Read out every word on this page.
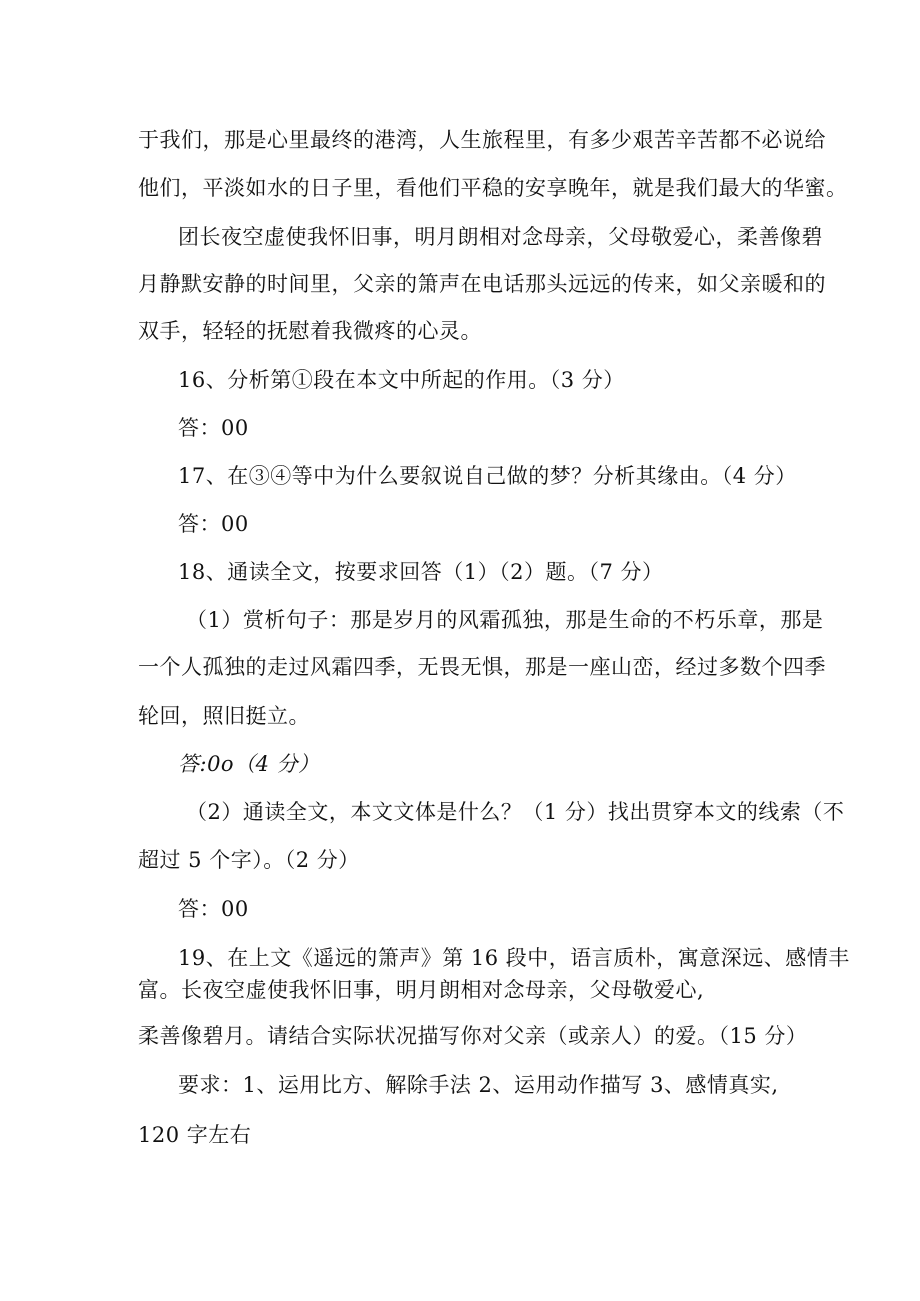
于我们，那是心里最终的港湾，人生旅程里，有多少艰苦辛苦都不必说给
他们，平淡如水的日子里，看他们平稳的安享晚年，就是我们最大的华蜜。
团长夜空虚使我怀旧事，明月朗相对念母亲，父母敬爱心，柔善像碧
月静默安静的时间里，父亲的箫声在电话那头远远的传来，如父亲暖和的
双手，轻轻的抚慰着我微疼的心灵。
16、分析第①段在本文中所起的作用。（3 分）
答：00
17、在③④等中为什么要叙说自己做的梦？分析其缘由。（4 分）
答：00
18、通读全文，按要求回答（1）（2）题。（7 分）
（1）赏析句子：那是岁月的风霜孤独，那是生命的不朽乐章，那是
一个人孤独的走过风霜四季，无畏无惧，那是一座山峦，经过多数个四季
轮回，照旧挺立。
答:0o（4 分）
（2）通读全文，本文文体是什么？（1 分）找出贯穿本文的线索（不
超过 5 个字）。（2 分）
答：00
19、在上文《遥远的箫声》第 16 段中，语言质朴，寓意深远、感情丰
富。长夜空虚使我怀旧事，明月朗相对念母亲，父母敬爱心,
柔善像碧月。请结合实际状况描写你对父亲（或亲人）的爱。（15 分）
要求：1、运用比方、解除手法 2、运用动作描写 3、感情真实,
120 字左右
